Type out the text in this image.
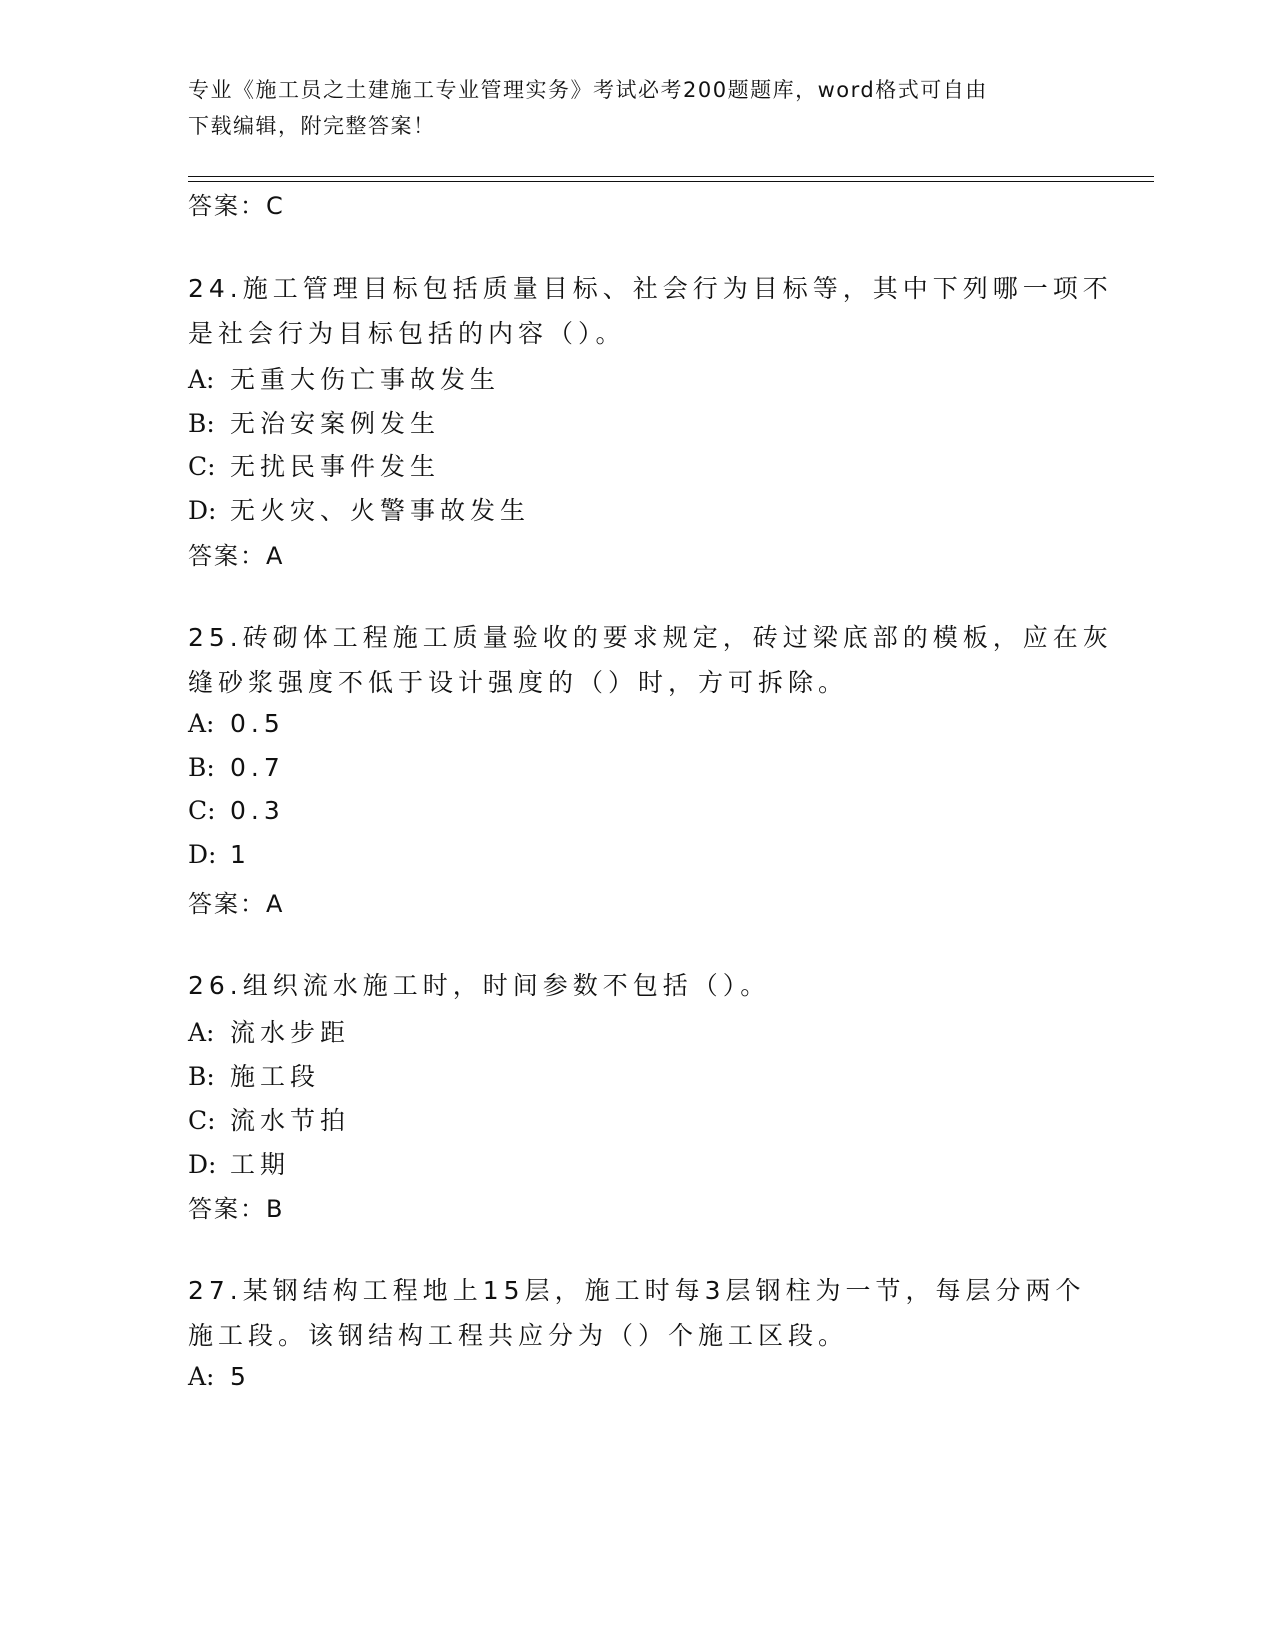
专业《施工员之土建施工专业管理实务》考试必考200题题库，word格式可自由
下载编辑，附完整答案！
答案：C
24.施工管理目标包括质量目标、社会行为目标等，其中下列哪一项不
是社会行为目标包括的内容（）。
A: 无重大伤亡事故发生
B: 无治安案例发生
C: 无扰民事件发生
D: 无火灾、火警事故发生
答案：A
25.砖砌体工程施工质量验收的要求规定，砖过梁底部的模板，应在灰
缝砂浆强度不低于设计强度的（）时，方可拆除。
A: 0.5
B: 0.7
C: 0.3
D: 1
答案：A
26.组织流水施工时，时间参数不包括（）。
A: 流水步距
B: 施工段
C: 流水节拍
D: 工期
答案：B
27.某钢结构工程地上15层，施工时每3层钢柱为一节，每层分两个
施工段。该钢结构工程共应分为（）个施工区段。
A: 5
